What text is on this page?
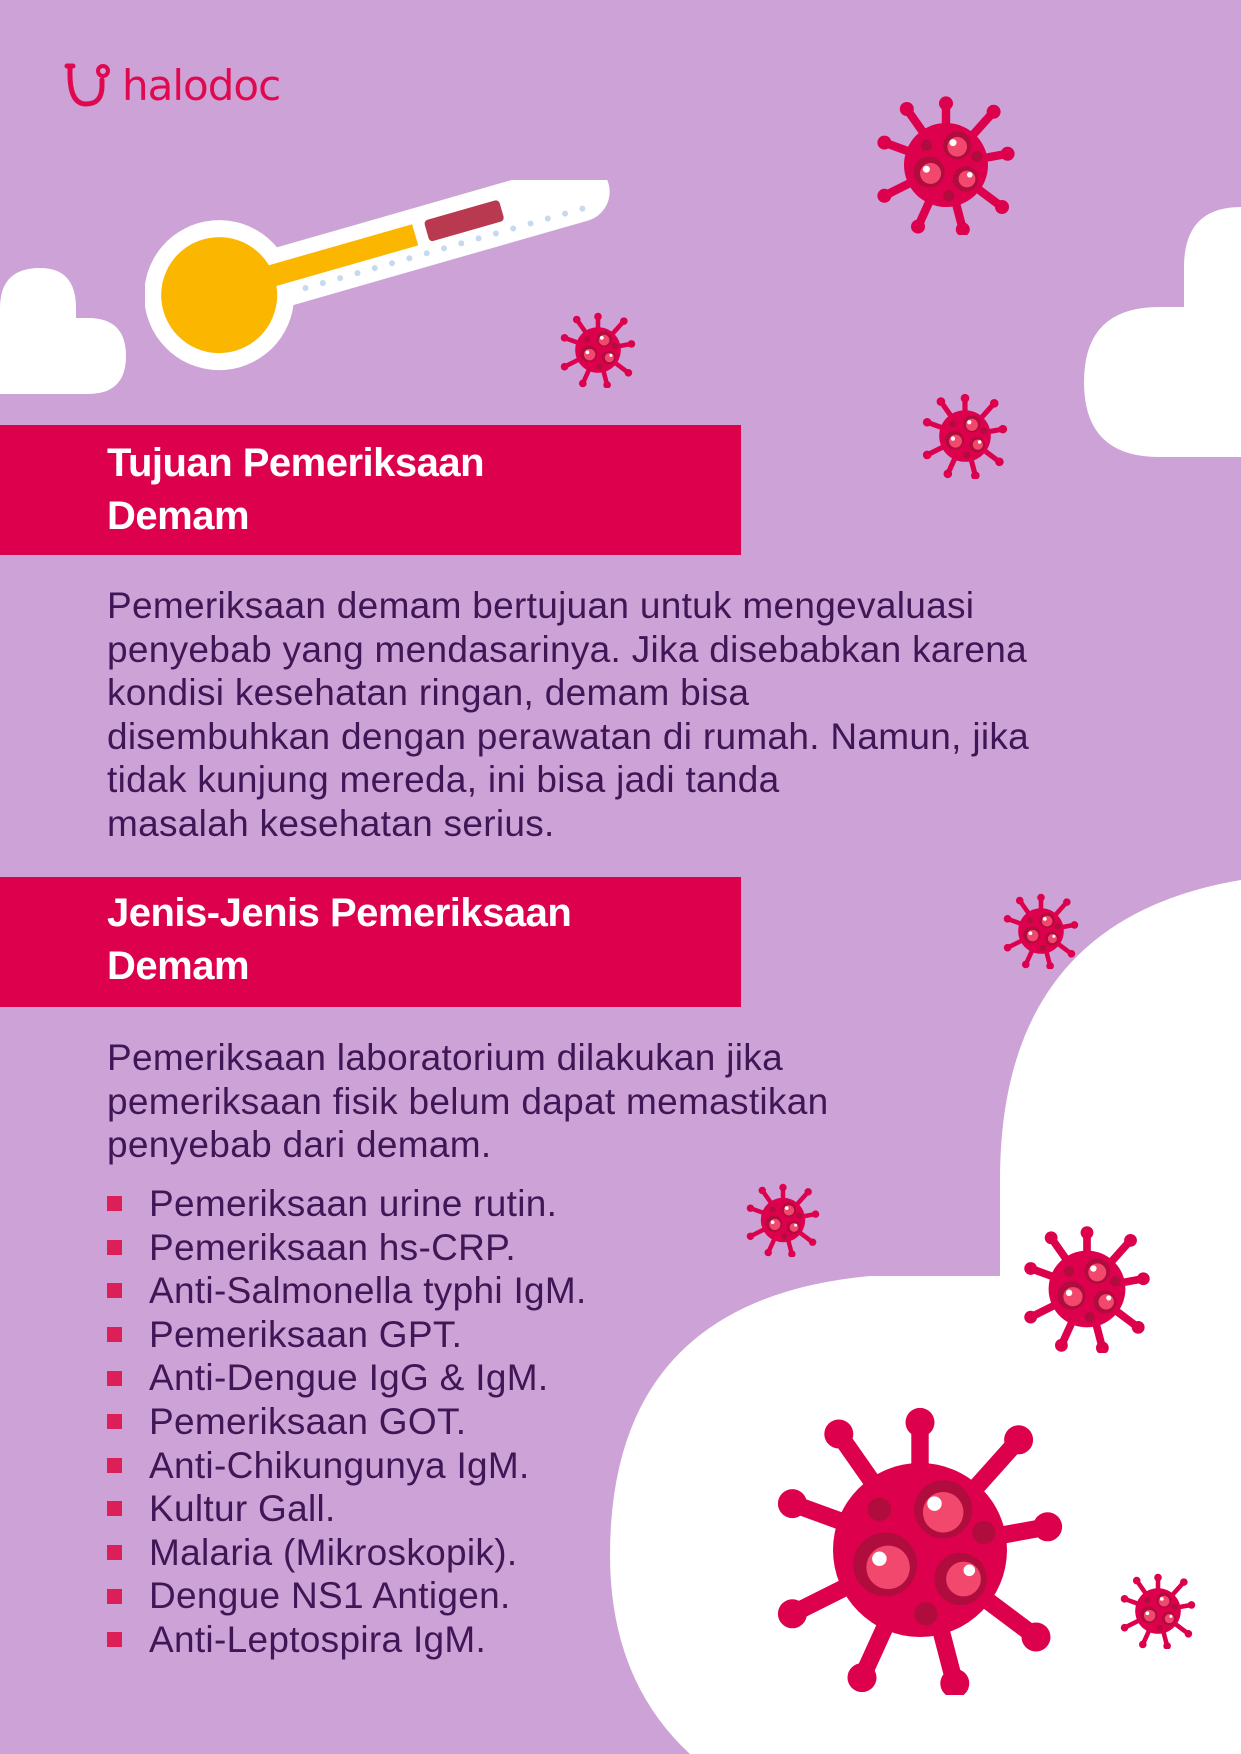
halodoc
Tujuan Pemeriksaan
Demam
Pemeriksaan demam bertujuan untuk mengevaluasi
penyebab yang mendasarinya. Jika disebabkan karena
kondisi kesehatan ringan, demam bisa
disembuhkan dengan perawatan di rumah. Namun, jika
tidak kunjung mereda, ini bisa jadi tanda
masalah kesehatan serius.
Jenis-Jenis Pemeriksaan
Demam
Pemeriksaan laboratorium dilakukan jika
pemeriksaan fisik belum dapat memastikan
penyebab dari demam.
Pemeriksaan urine rutin.
Pemeriksaan hs-CRP.
Anti-Salmonella typhi IgM.
Pemeriksaan GPT.
Anti-Dengue IgG & IgM.
Pemeriksaan GOT.
Anti-Chikungunya IgM.
Kultur Gall.
Malaria (Mikroskopik).
Dengue NS1 Antigen.
Anti-Leptospira IgM.
